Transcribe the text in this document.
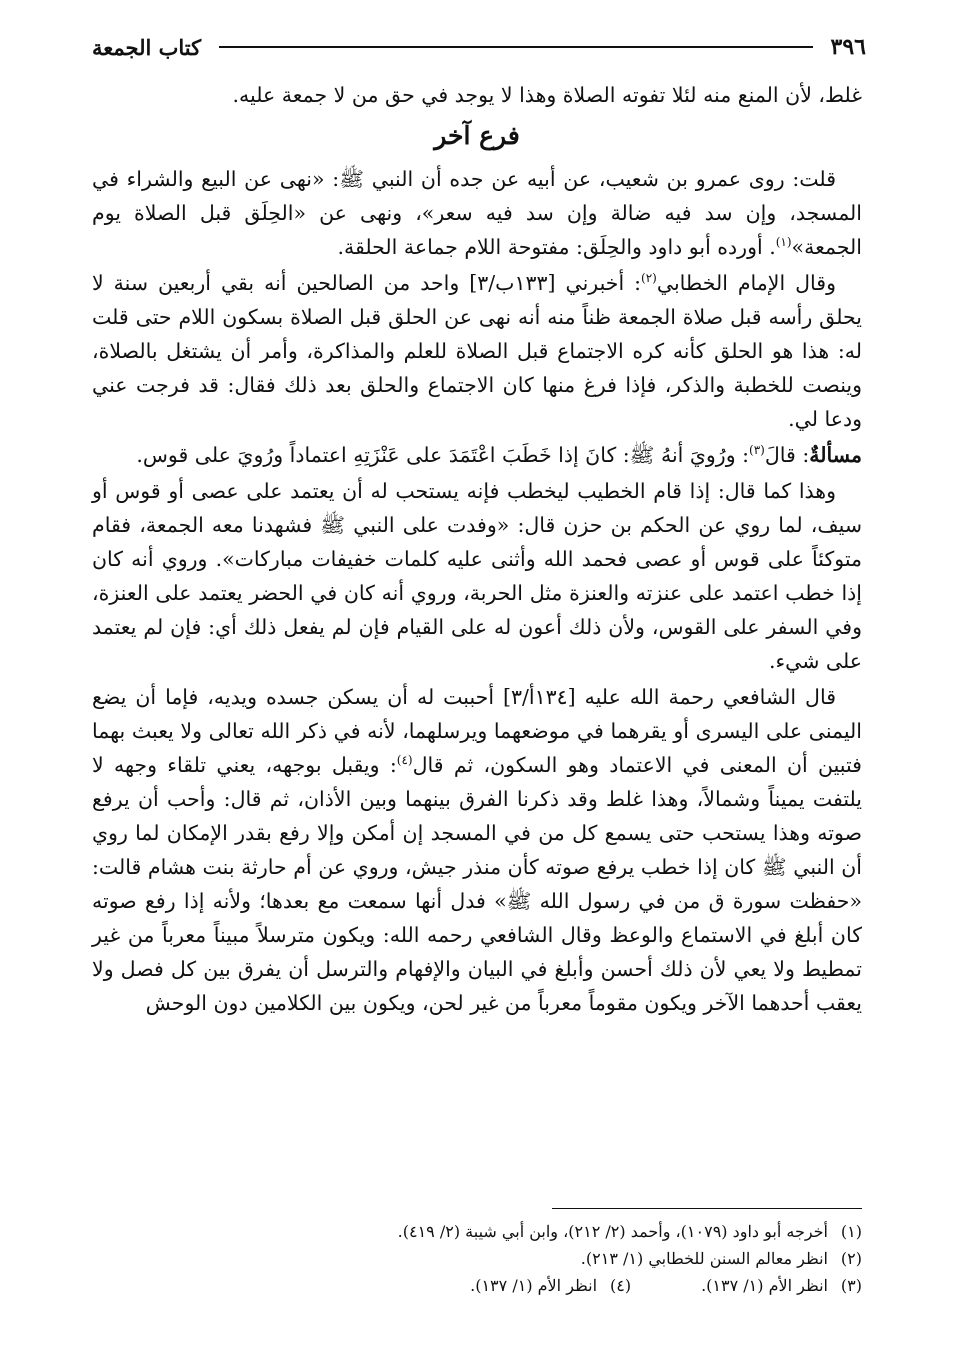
٣٩٦
كتاب الجمعة

غلط، لأن المنع منه لئلا تفوته الصلاة وهذا لا يوجد في حق من لا جمعة عليه.

فرع آخر

قلت: روى عمرو بن شعيب، عن أبيه عن جده أن النبي ﷺ: «نهى عن البيع والشراء في المسجد، وإن سد فيه ضالة وإن سد فيه سعر»، ونهى عن «الحِلَق قبل الصلاة يوم الجمعة»$^{(١)}$. أورده أبو داود والحِلَق: مفتوحة اللام جماعة الحلقة.

وقال الإمام الخطابي$^{(٢)}$: أخبرني [١٣٣ب/٣] واحد من الصالحين أنه بقي أربعين سنة لا يحلق رأسه قبل صلاة الجمعة ظناً منه أنه نهى عن الحلق قبل الصلاة بسكون اللام حتى قلت له: هذا هو الحلق كأنه كره الاجتماع قبل الصلاة للعلم والمذاكرة، وأمر أن يشتغل بالصلاة، وينصت للخطبة والذكر، فإذا فرغ منها كان الاجتماع والحلق بعد ذلك فقال: قد فرجت عني ودعا لي.

مسألةٌ: قالَ$^{(٣)}$: ورُويَ أنهُ ﷺ: كانَ إذا خَطَبَ اعْتَمَدَ على عَنْزَتِهِ اعتماداً ورُويَ على قوس.

وهذا كما قال: إذا قام الخطيب ليخطب فإنه يستحب له أن يعتمد على عصى أو قوس أو سيف، لما روي عن الحكم بن حزن قال: «وفدت على النبي ﷺ فشهدنا معه الجمعة، فقام متوكئاً على قوس أو عصى فحمد الله وأثنى عليه كلمات خفيفات مباركات». وروي أنه كان إذا خطب اعتمد على عنزته والعنزة مثل الحربة، وروي أنه كان في الحضر يعتمد على العنزة، وفي السفر على القوس، ولأن ذلك أعون له على القيام فإن لم يفعل ذلك أي: فإن لم يعتمد على شيء.

قال الشافعي رحمة الله عليه [١٣٤أ/٣] أحببت له أن يسكن جسده ويديه، فإما أن يضع اليمنى على اليسرى أو يقرهما في موضعهما ويرسلهما، لأنه في ذكر الله تعالى ولا يعبث بهما فتبين أن المعنى في الاعتماد وهو السكون، ثم قال$^{(٤)}$: ويقبل بوجهه، يعني تلقاء وجهه لا يلتفت يميناً وشمالاً، وهذا غلط وقد ذكرنا الفرق بينهما وبين الأذان، ثم قال: وأحب أن يرفع صوته وهذا يستحب حتى يسمع كل من في المسجد إن أمكن وإلا رفع بقدر الإمكان لما روي أن النبي ﷺ كان إذا خطب يرفع صوته كأن منذر جيش، وروي عن أم حارثة بنت هشام قالت: «حفظت سورة ق من في رسول الله ﷺ» فدل أنها سمعت مع بعدها؛ ولأنه إذا رفع صوته كان أبلغ في الاستماع والوعظ وقال الشافعي رحمه الله: ويكون مترسلاً مبيناً معرباً من غير تمطيط ولا يعي لأن ذلك أحسن وأبلغ في البيان والإفهام والترسل أن يفرق بين كل فصل ولا يعقب أحدهما الآخر ويكون مقوماً معرباً من غير لحن، ويكون بين الكلامين دون الوحش

(١)أخرجه أبو داود (١٠٧٩)، وأحمد (٢/ ٢١٢)، وابن أبي شيبة (٢/ ٤١٩).
(٢)انظر معالم السنن للخطابي (١/ ٢١٣).
(٣)انظر الأم (١/ ١٣٧).(٤)انظر الأم (١/ ١٣٧).
